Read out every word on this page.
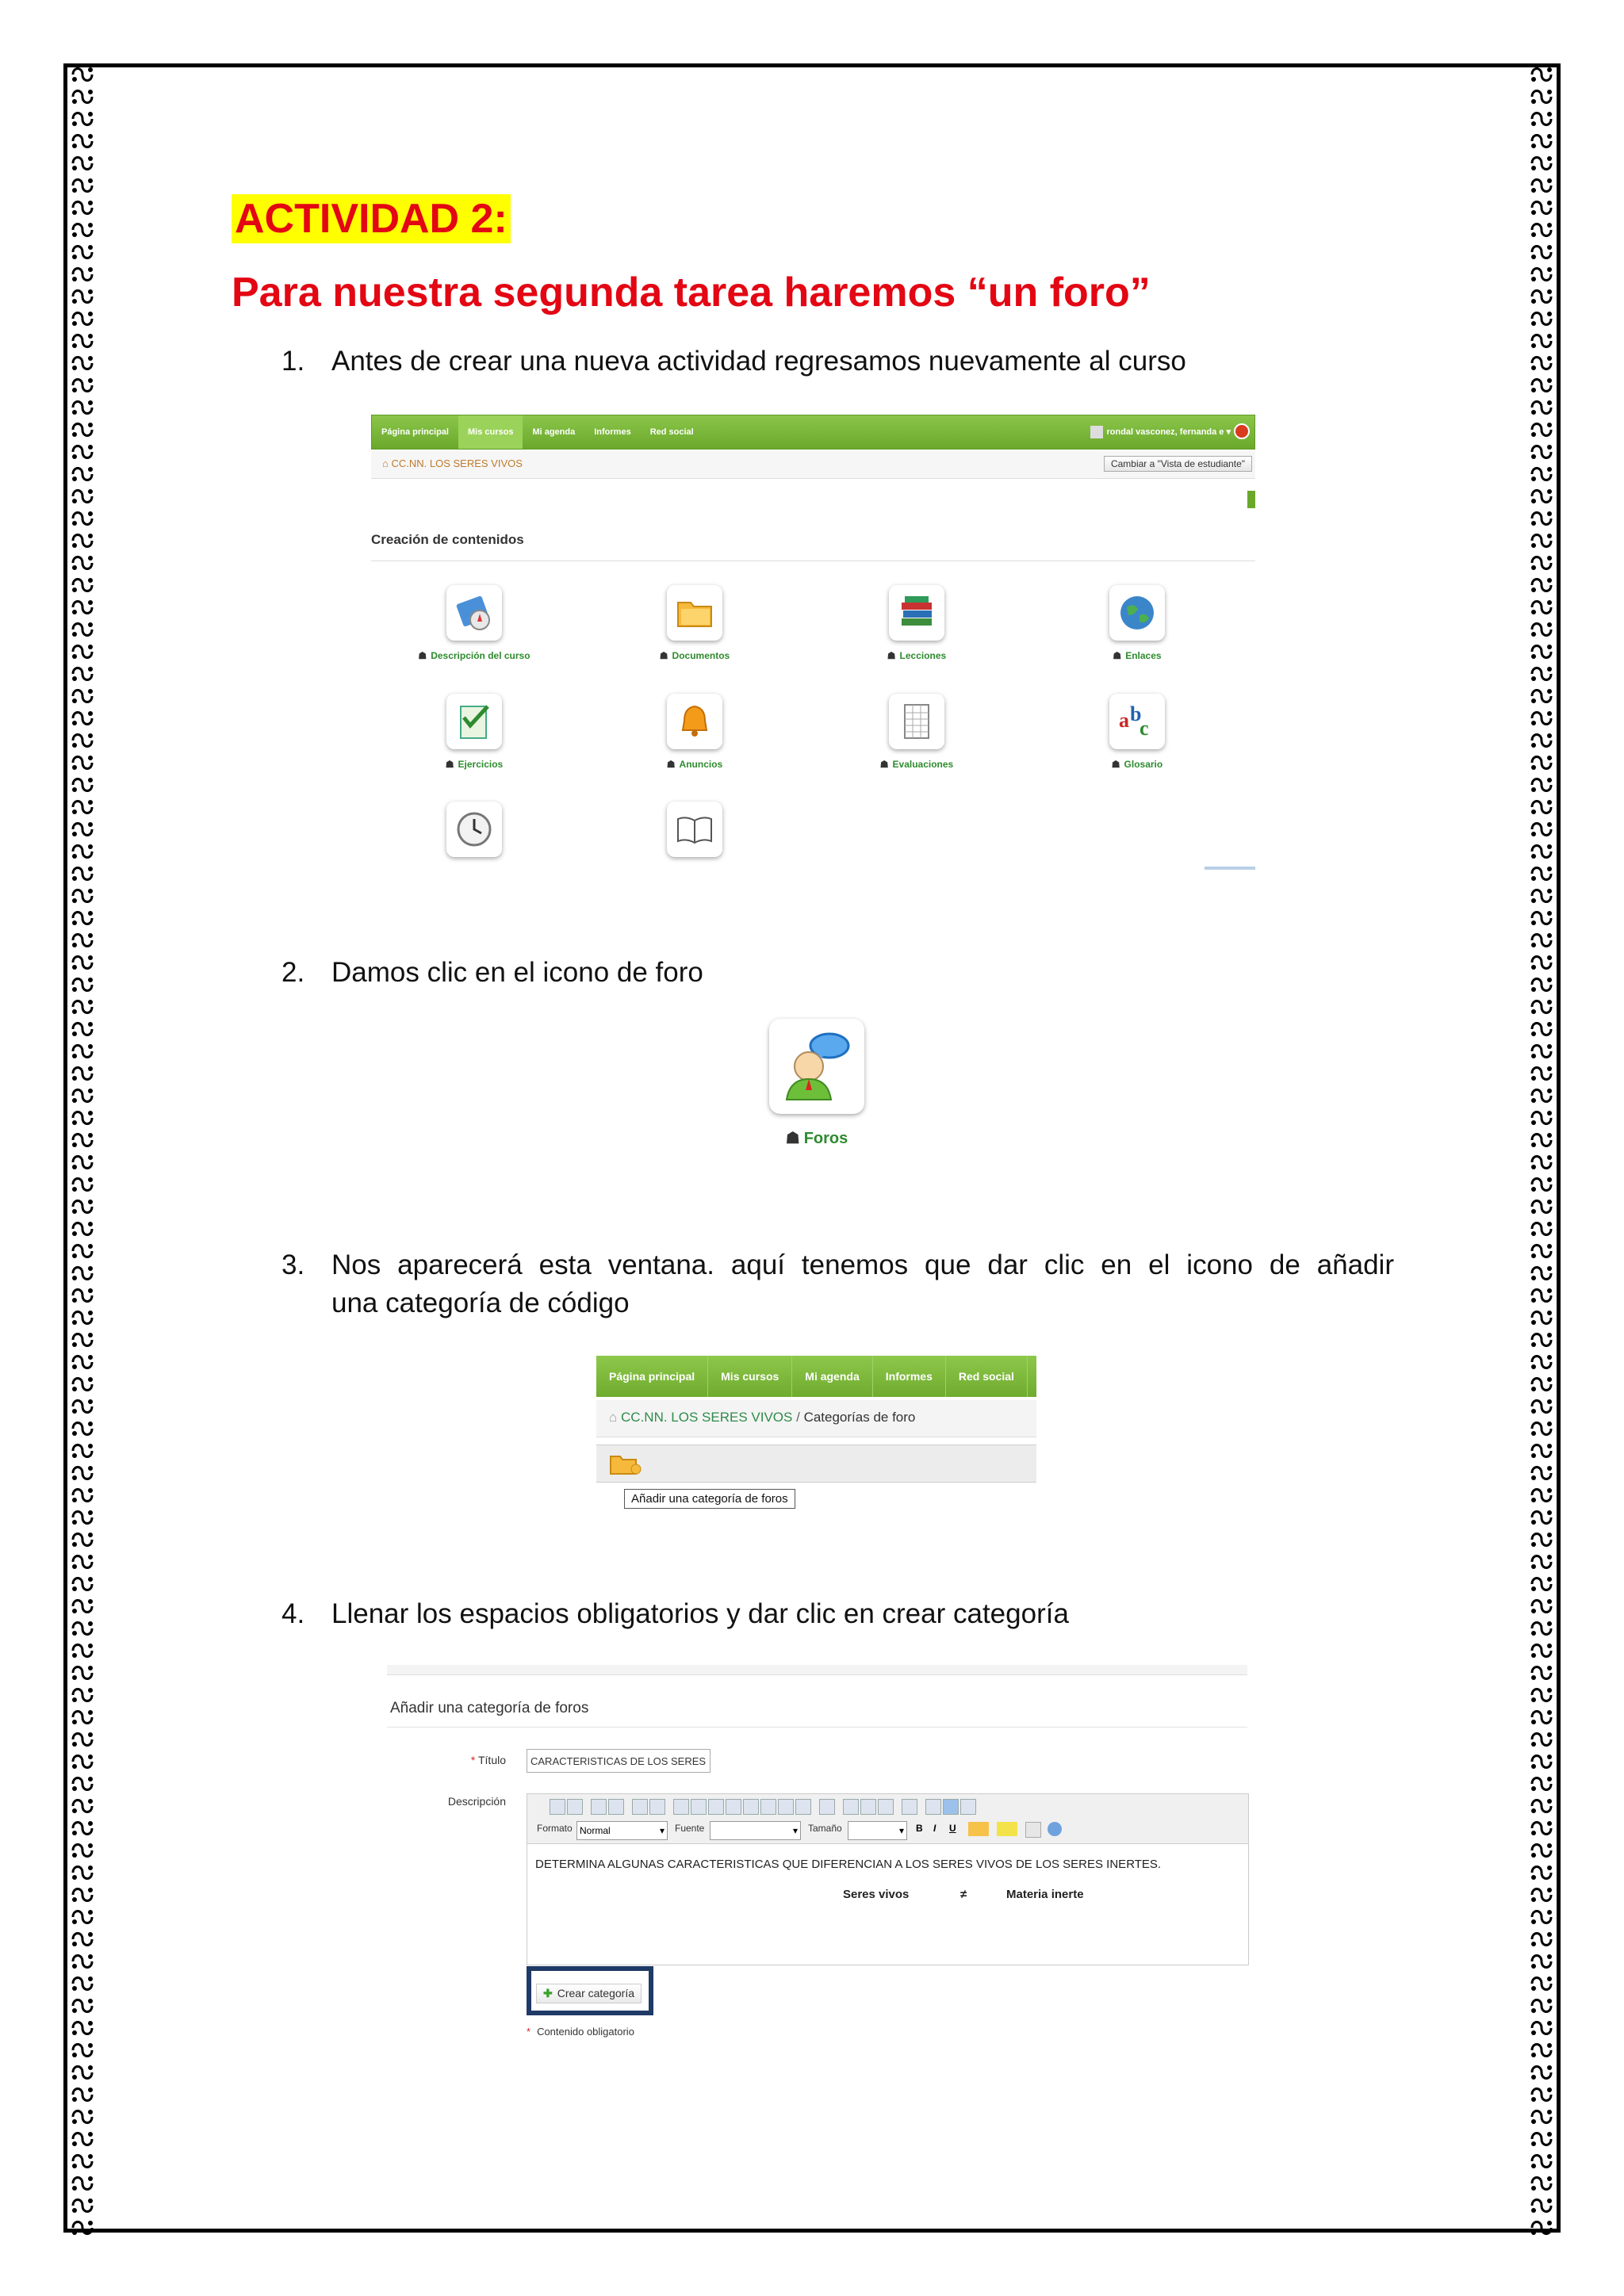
ACTIVIDAD 2:
Para nuestra segunda tarea haremos “un foro”
1. Antes de crear una nueva actividad regresamos nuevamente al curso
Página principal Mis cursos Mi agenda Informes Red social	rondal vasconez, fernanda e ▾
⌂ CC.NN. LOS SERES VIVOS	Cambiar a "Vista de estudiante"
Creación de contenidos
☗ Descripción del curso	☗ Documentos	☗ Lecciones	☗ Enlaces
☗ Ejercicios	☗ Anuncios	☗ Evaluaciones
a b
c
☗ Glosario
2. Damos clic en el icono de foro
☗ Foros
3. Nos aparecerá esta ventana. aquí tenemos que dar clic en el icono de añadir
una categoría de código
Página principal Mis cursos Mi agenda Informes Red social
⌂ CC.NN. LOS SERES VIVOS / Categorías de foro
Añadir una categoría de foros
4. Llenar los espacios obligatorios y dar clic en crear categoría
Añadir una categoría de foros
* Título	CARACTERISTICAS DE LOS SERES
Descripción
Formato Normal	▾ Fuente	▾ Tamaño	▾ B I U
DETERMINA ALGUNAS CARACTERISTICAS QUE DIFERENCIAN A LOS SERES VIVOS DE LOS SERES INERTES.
Seres vivos	≠	Materia inerte
✚ Crear categoría
* Contenido obligatorio
